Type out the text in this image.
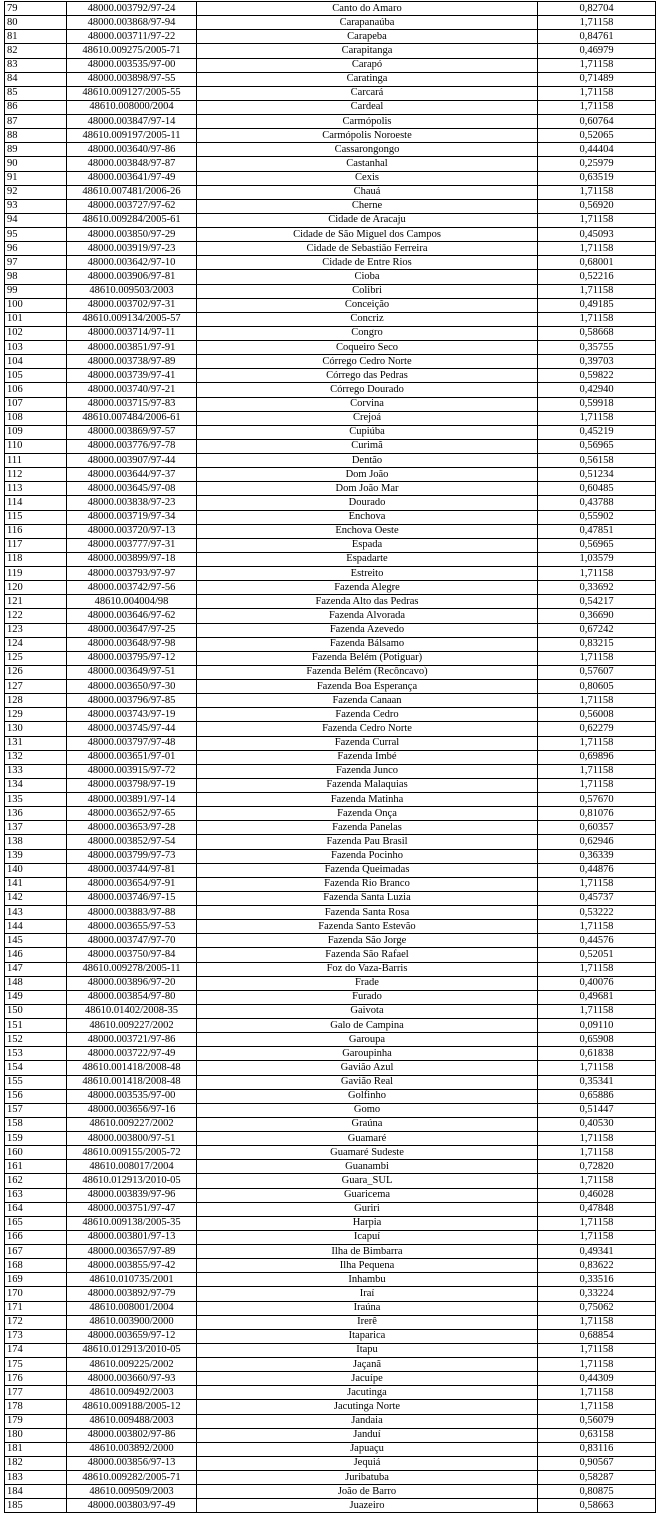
79	48000.003792/97-24	Canto do Amaro	0,82704
80	48000.003868/97-94	Carapanaúba	1,71158
81	48000.003711/97-22	Carapeba	0,84761
82	48610.009275/2005-71	Carapitanga	0,46979
83	48000.003535/97-00	Carapó	1,71158
84	48000.003898/97-55	Caratinga	0,71489
85	48610.009127/2005-55	Carcará	1,71158
86	48610.008000/2004	Cardeal	1,71158
87	48000.003847/97-14	Carmópolis	0,60764
88	48610.009197/2005-11	Carmópolis Noroeste	0,52065
89	48000.003640/97-86	Cassarongongo	0,44404
90	48000.003848/97-87	Castanhal	0,25979
91	48000.003641/97-49	Cexis	0,63519
92	48610.007481/2006-26	Chauá	1,71158
93	48000.003727/97-62	Cherne	0,56920
94	48610.009284/2005-61	Cidade de Aracaju	1,71158
95	48000.003850/97-29	Cidade de São Miguel dos Campos	0,45093
96	48000.003919/97-23	Cidade de Sebastião Ferreira	1,71158
97	48000.003642/97-10	Cidade de Entre Rios	0,68001
98	48000.003906/97-81	Cioba	0,52216
99	48610.009503/2003	Colibri	1,71158
100	48000.003702/97-31	Conceição	0,49185
101	48610.009134/2005-57	Concriz	1,71158
102	48000.003714/97-11	Congro	0,58668
103	48000.003851/97-91	Coqueiro Seco	0,35755
104	48000.003738/97-89	Córrego Cedro Norte	0,39703
105	48000.003739/97-41	Córrego das Pedras	0,59822
106	48000.003740/97-21	Córrego Dourado	0,42940
107	48000.003715/97-83	Corvina	0,59918
108	48610.007484/2006-61	Crejoá	1,71158
109	48000.003869/97-57	Cupiúba	0,45219
110	48000.003776/97-78	Curimã	0,56965
111	48000.003907/97-44	Dentão	0,56158
112	48000.003644/97-37	Dom João	0,51234
113	48000.003645/97-08	Dom João Mar	0,60485
114	48000.003838/97-23	Dourado	0,43788
115	48000.003719/97-34	Enchova	0,55902
116	48000.003720/97-13	Enchova Oeste	0,47851
117	48000.003777/97-31	Espada	0,56965
118	48000.003899/97-18	Espadarte	1,03579
119	48000.003793/97-97	Estreito	1,71158
120	48000.003742/97-56	Fazenda Alegre	0,33692
121	48610.004004/98	Fazenda Alto das Pedras	0,54217
122	48000.003646/97-62	Fazenda Alvorada	0,36690
123	48000.003647/97-25	Fazenda Azevedo	0,67242
124	48000.003648/97-98	Fazenda Bálsamo	0,83215
125	48000.003795/97-12	Fazenda Belém (Potiguar)	1,71158
126	48000.003649/97-51	Fazenda Belém (Recôncavo)	0,57607
127	48000.003650/97-30	Fazenda Boa Esperança	0,80605
128	48000.003796/97-85	Fazenda Canaan	1,71158
129	48000.003743/97-19	Fazenda Cedro	0,56008
130	48000.003745/97-44	Fazenda Cedro Norte	0,62279
131	48000.003797/97-48	Fazenda Curral	1,71158
132	48000.003651/97-01	Fazenda Imbé	0,69896
133	48000.003915/97-72	Fazenda Junco	1,71158
134	48000.003798/97-19	Fazenda Malaquias	1,71158
135	48000.003891/97-14	Fazenda Matinha	0,57670
136	48000.003652/97-65	Fazenda Onça	0,81076
137	48000.003653/97-28	Fazenda Panelas	0,60357
138	48000.003852/97-54	Fazenda Pau Brasil	0,62946
139	48000.003799/97-73	Fazenda Pocinho	0,36339
140	48000.003744/97-81	Fazenda Queimadas	0,44876
141	48000.003654/97-91	Fazenda Rio Branco	1,71158
142	48000.003746/97-15	Fazenda Santa Luzia	0,45737
143	48000.003883/97-88	Fazenda Santa Rosa	0,53222
144	48000.003655/97-53	Fazenda Santo Estevão	1,71158
145	48000.003747/97-70	Fazenda São Jorge	0,44576
146	48000.003750/97-84	Fazenda São Rafael	0,52051
147	48610.009278/2005-11	Foz do Vaza-Barris	1,71158
148	48000.003896/97-20	Frade	0,40076
149	48000.003854/97-80	Furado	0,49681
150	48610.01402/2008-35	Gaivota	1,71158
151	48610.009227/2002	Galo de Campina	0,09110
152	48000.003721/97-86	Garoupa	0,65908
153	48000.003722/97-49	Garoupinha	0,61838
154	48610.001418/2008-48	Gavião Azul	1,71158
155	48610.001418/2008-48	Gavião Real	0,35341
156	48000.003535/97-00	Golfinho	0,65886
157	48000.003656/97-16	Gomo	0,51447
158	48610.009227/2002	Graúna	0,40530
159	48000.003800/97-51	Guamaré	1,71158
160	48610.009155/2005-72	Guamaré Sudeste	1,71158
161	48610.008017/2004	Guanambi	0,72820
162	48610.012913/2010-05	Guara_SUL	1,71158
163	48000.003839/97-96	Guaricema	0,46028
164	48000.003751/97-47	Guriri	0,47848
165	48610.009138/2005-35	Harpia	1,71158
166	48000.003801/97-13	Icapuí	1,71158
167	48000.003657/97-89	Ilha de Bimbarra	0,49341
168	48000.003855/97-42	Ilha Pequena	0,83622
169	48610.010735/2001	Inhambu	0,33516
170	48000.003892/97-79	Iraí	0,33224
171	48610.008001/2004	Iraúna	0,75062
172	48610.003900/2000	Irerê	1,71158
173	48000.003659/97-12	Itaparica	0,68854
174	48610.012913/2010-05	Itapu	1,71158
175	48610.009225/2002	Jaçanã	1,71158
176	48000.003660/97-93	Jacuípe	0,44309
177	48610.009492/2003	Jacutinga	1,71158
178	48610.009188/2005-12	Jacutinga Norte	1,71158
179	48610.009488/2003	Jandaia	0,56079
180	48000.003802/97-86	Janduí	0,63158
181	48610.003892/2000	Japuaçu	0,83116
182	48000.003856/97-13	Jequiá	0,90567
183	48610.009282/2005-71	Juribatuba	0,58287
184	48610.009509/2003	João de Barro	0,80875
185	48000.003803/97-49	Juazeiro	0,58663
